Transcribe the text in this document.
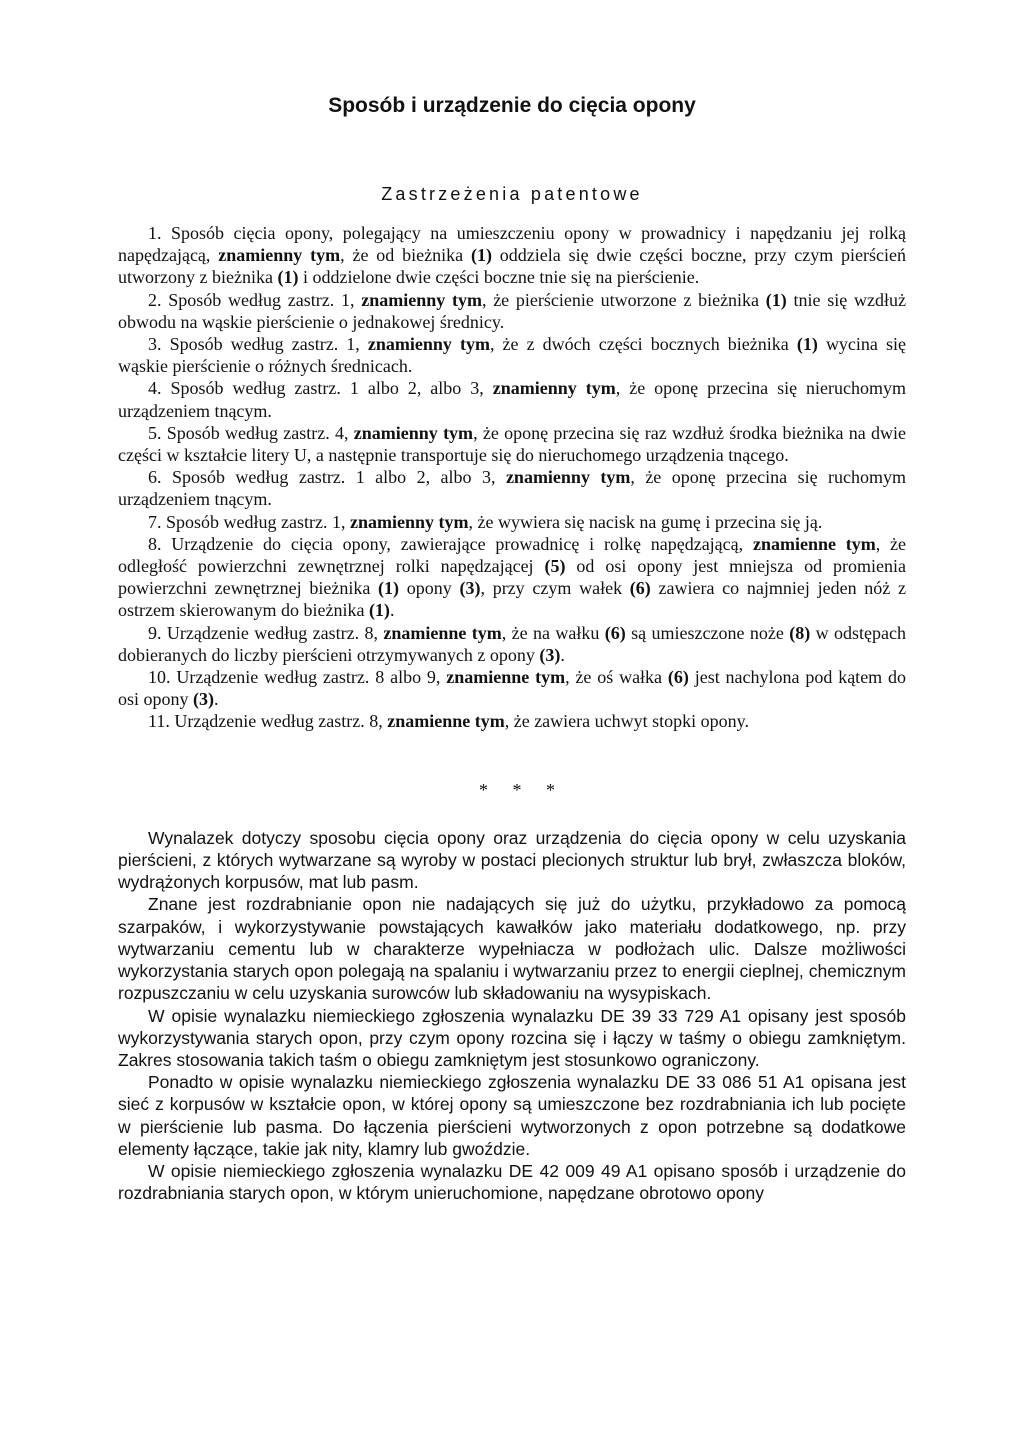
Sposób i urządzenie do cięcia opony
Zastrzeżenia patentowe

1. Sposób cięcia opony, polegający na umieszczeniu opony w prowadnicy i napędzaniu jej rolką napędzającą, znamienny tym, że od bieżnika (1) oddziela się dwie części boczne, przy czym pierścień utworzony z bieżnika (1) i oddzielone dwie części boczne tnie się na pierścienie.

2. Sposób według zastrz. 1, znamienny tym, że pierścienie utworzone z bieżnika (1) tnie się wzdłuż obwodu na wąskie pierścienie o jednakowej średnicy.

3. Sposób według zastrz. 1, znamienny tym, że z dwóch części bocznych bieżnika (1) wycina się wąskie pierścienie o różnych średnicach.

4. Sposób według zastrz. 1 albo 2, albo 3, znamienny tym, że oponę przecina się nieruchomym urządzeniem tnącym.

5. Sposób według zastrz. 4, znamienny tym, że oponę przecina się raz wzdłuż środka bieżnika na dwie części w kształcie litery U, a następnie transportuje się do nieruchomego urządzenia tnącego.

6. Sposób według zastrz. 1 albo 2, albo 3, znamienny tym, że oponę przecina się ruchomym urządzeniem tnącym.

7. Sposób według zastrz. 1, znamienny tym, że wywiera się nacisk na gumę i przecina się ją.

8. Urządzenie do cięcia opony, zawierające prowadnicę i rolkę napędzającą, znamienne tym, że odległość powierzchni zewnętrznej rolki napędzającej (5) od osi opony jest mniejsza od promienia powierzchni zewnętrznej bieżnika (1) opony (3), przy czym wałek (6) zawiera co najmniej jeden nóż z ostrzem skierowanym do bieżnika (1).

9. Urządzenie według zastrz. 8, znamienne tym, że na wałku (6) są umieszczone noże (8) w odstępach dobieranych do liczby pierścieni otrzymywanych z opony (3).

10. Urządzenie według zastrz. 8 albo 9, znamienne tym, że oś wałka (6) jest nachylona pod kątem do osi opony (3).

11. Urządzenie według zastrz. 8, znamienne tym, że zawiera uchwyt stopki opony.

* * *

Wynalazek dotyczy sposobu cięcia opony oraz urządzenia do cięcia opony w celu uzyskania pierścieni, z których wytwarzane są wyroby w postaci plecionych struktur lub brył, zwłaszcza bloków, wydrążonych korpusów, mat lub pasm.

Znane jest rozdrabnianie opon nie nadających się już do użytku, przykładowo za pomocą szarpaków, i wykorzystywanie powstających kawałków jako materiału dodatkowego, np. przy wytwarzaniu cementu lub w charakterze wypełniacza w podłożach ulic. Dalsze możliwości wykorzystania starych opon polegają na spalaniu i wytwarzaniu przez to energii cieplnej, chemicznym rozpuszczaniu w celu uzyskania surowców lub składowaniu na wysypiskach.

W opisie wynalazku niemieckiego zgłoszenia wynalazku DE 39 33 729 A1 opisany jest sposób wykorzystywania starych opon, przy czym opony rozcina się i łączy w taśmy o obiegu zamkniętym. Zakres stosowania takich taśm o obiegu zamkniętym jest stosunkowo ograniczony.

Ponadto w opisie wynalazku niemieckiego zgłoszenia wynalazku DE 33 086 51 A1 opisana jest sieć z korpusów w kształcie opon, w której opony są umieszczone bez rozdrabniania ich lub pocięte w pierścienie lub pasma. Do łączenia pierścieni wytworzonych z opon potrzebne są dodatkowe elementy łączące, takie jak nity, klamry lub gwoździe.

W opisie niemieckiego zgłoszenia wynalazku DE 42 009 49 A1 opisano sposób i urządzenie do rozdrabniania starych opon, w którym unieruchomione, napędzane obrotowo opony
